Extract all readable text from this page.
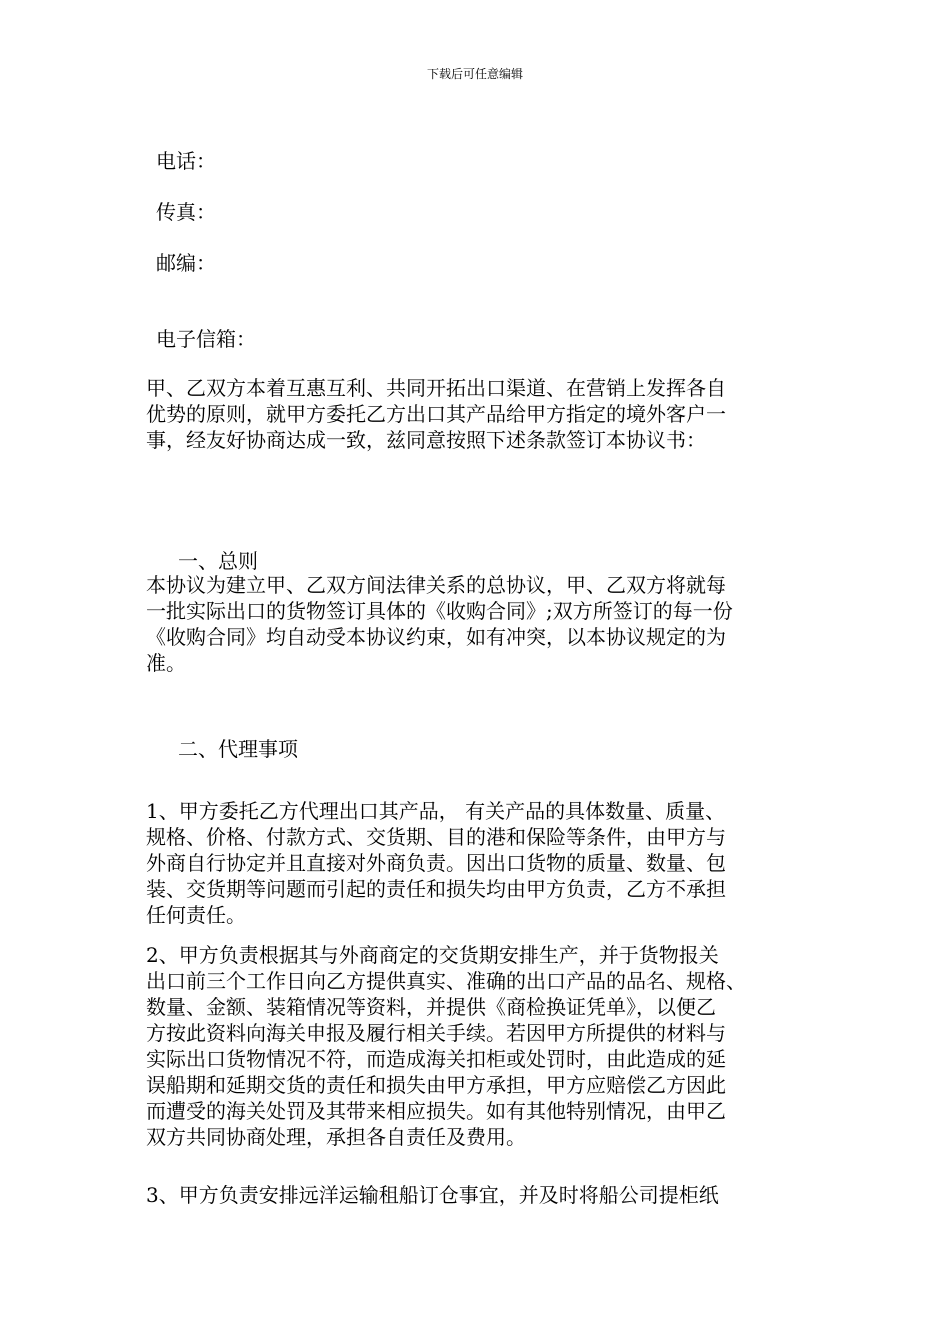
下载后可任意编辑
电话：
传真：
邮编：
电子信箱：
甲、乙双方本着互惠互利、共同开拓出口渠道、在营销上发挥各自
优势的原则，就甲方委托乙方出口其产品给甲方指定的境外客户一
事，经友好协商达成一致，兹同意按照下述条款签订本协议书：
一、总则
本协议为建立甲、乙双方间法律关系的总协议，甲、乙双方将就每
一批实际出口的货物签订具体的《收购合同》;双方所签订的每一份
《收购合同》均自动受本协议约束，如有冲突，以本协议规定的为
准。
二、代理事项
1、甲方委托乙方代理出口其产品， 有关产品的具体数量、质量、
规格、价格、付款方式、交货期、目的港和保险等条件，由甲方与
外商自行协定并且直接对外商负责。因出口货物的质量、数量、包
装、交货期等问题而引起的责任和损失均由甲方负责，乙方不承担
任何责任。
2、甲方负责根据其与外商商定的交货期安排生产，并于货物报关
出口前三个工作日向乙方提供真实、准确的出口产品的品名、规格、
数量、金额、装箱情况等资料，并提供《商检换证凭单》，以便乙
方按此资料向海关申报及履行相关手续。若因甲方所提供的材料与
实际出口货物情况不符，而造成海关扣柜或处罚时，由此造成的延
误船期和延期交货的责任和损失由甲方承担，甲方应赔偿乙方因此
而遭受的海关处罚及其带来相应损失。如有其他特别情况，由甲乙
双方共同协商处理，承担各自责任及费用。
3、甲方负责安排远洋运输租船订仓事宜，并及时将船公司提柜纸
